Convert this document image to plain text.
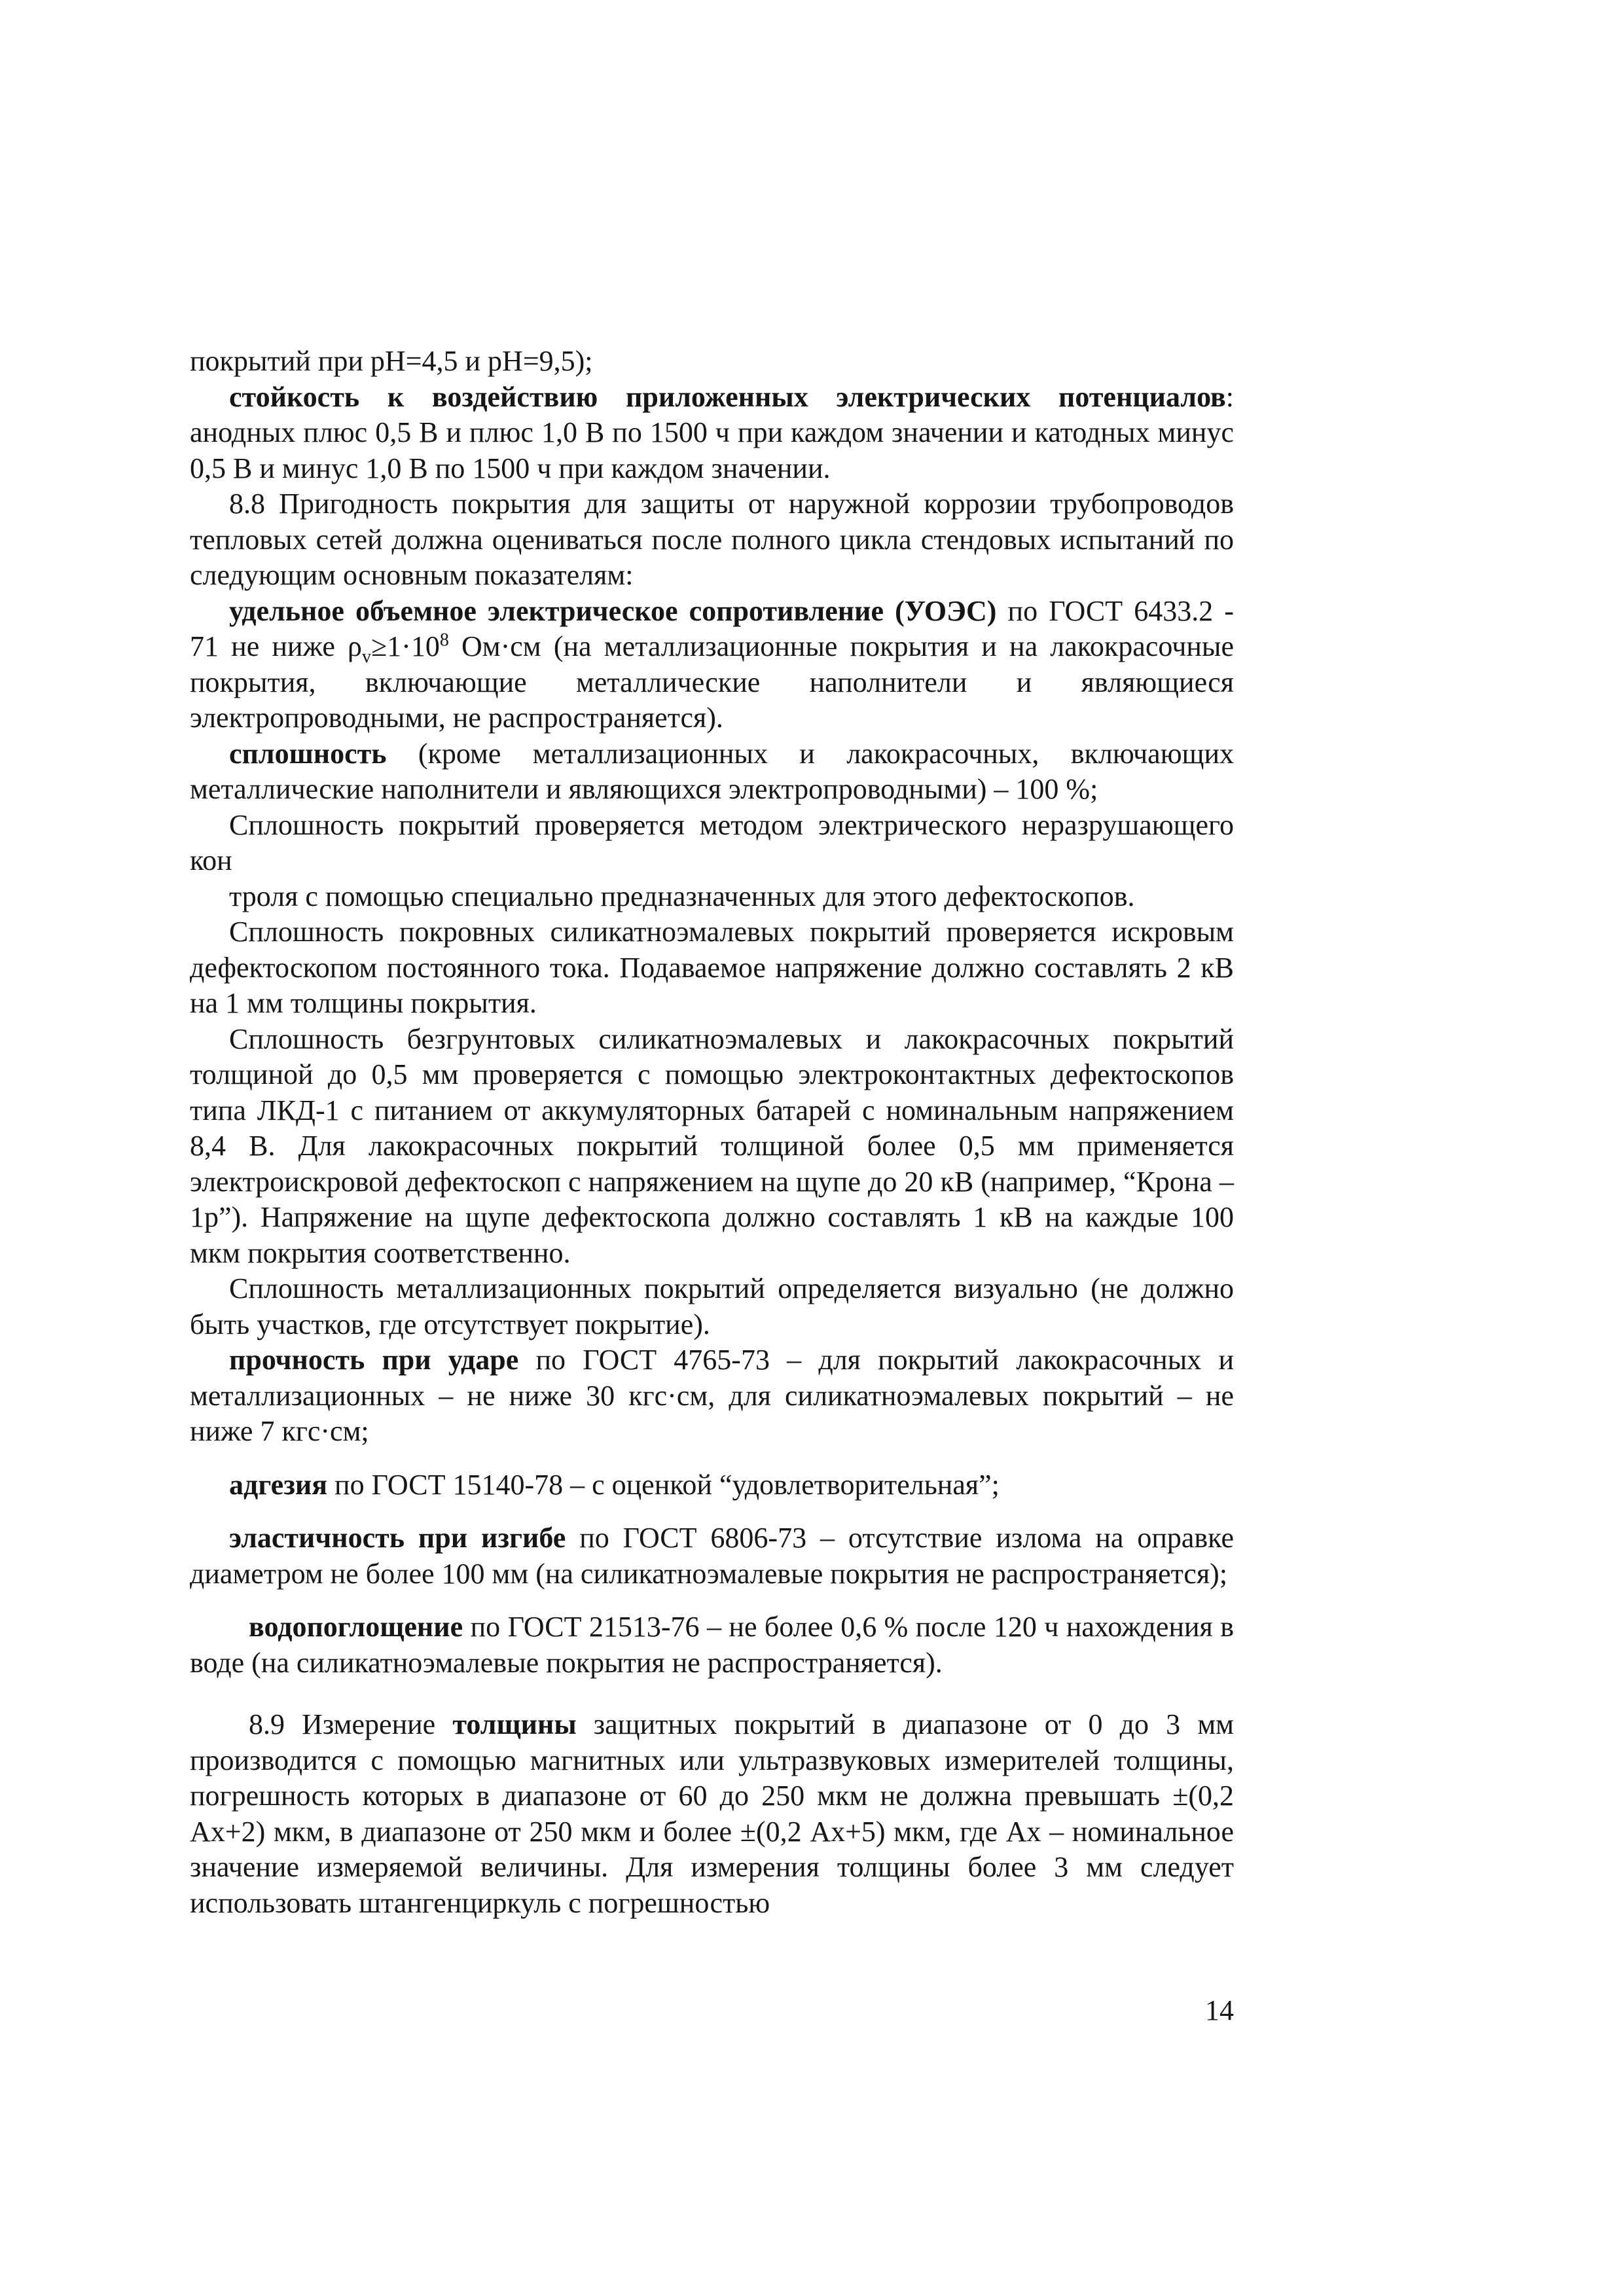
покрытий при pH=4,5 и pH=9,5);

стойкость к воздействию приложенных электрических потенциалов: анодных плюс 0,5 В и плюс 1,0 В по 1500 ч при каждом значении и катодных минус 0,5 В и минус 1,0 В по 1500 ч при каждом значении.

8.8 Пригодность покрытия для защиты от наружной коррозии трубопроводов тепловых сетей должна оцениваться после полного цикла стендовых испытаний по следующим основным показателям:

удельное объемное электрическое сопротивление (УОЭС) по ГОСТ 6433.2 - 71 не ниже $\rho_v\ge 1\cdot 10^8$ Ом·см (на металлизационные покрытия и на лакокрасочные покрытия, включающие металлические наполнители и являющиеся электропроводными, не распространяется).

сплошность (кроме металлизационных и лакокрасочных, включающих металлические наполнители и являющихся электропроводными) – 100 %;

Сплошность покрытий проверяется методом электрического неразрушающего кон

троля с помощью специально предназначенных для этого дефектоскопов.

Сплошность покровных силикатноэмалевых покрытий проверяется искровым дефектоскопом постоянного тока. Подаваемое напряжение должно составлять 2 кВ на 1 мм толщины покрытия.

Сплошность безгрунтовых силикатноэмалевых и лакокрасочных покрытий толщиной до 0,5 мм проверяется с помощью электроконтактных дефектоскопов типа ЛКД-1 с питанием от аккумуляторных батарей с номинальным напряжением 8,4 В. Для лакокрасочных покрытий толщиной более 0,5 мм применяется электроискровой дефектоскоп с напряжением на щупе до 20 кВ (например, “Крона – 1р”). Напряжение на щупе дефектоскопа должно составлять 1 кВ на каждые 100 мкм покрытия соответственно.

Сплошность металлизационных покрытий определяется визуально (не должно быть участков, где отсутствует покрытие).

прочность при ударе по ГОСТ 4765-73 – для покрытий лакокрасочных и металлизационных – не ниже 30 кгс·см, для силикатноэмалевых покрытий – не ниже 7 кгс·см;

адгезия по ГОСТ 15140-78 – с оценкой “удовлетворительная”;

эластичность при изгибе по ГОСТ 6806-73 – отсутствие излома на оправке диаметром не более 100 мм (на силикатноэмалевые покрытия не распространяется);

водопоглощение по ГОСТ 21513-76 – не более 0,6 % после 120 ч нахождения в воде (на силикатноэмалевые покрытия не распространяется).

8.9 Измерение толщины защитных покрытий в диапазоне от 0 до 3 мм производится с помощью магнитных или ультразвуковых измерителей толщины, погрешность которых в диапазоне от 60 до 250 мкм не должна превышать ±(0,2 Ах+2) мкм, в диапазоне от 250 мкм и более ±(0,2 Ах+5) мкм, где Ах – номинальное значение измеряемой величины. Для измерения толщины более 3 мм следует использовать штангенциркуль с погрешностью

14
